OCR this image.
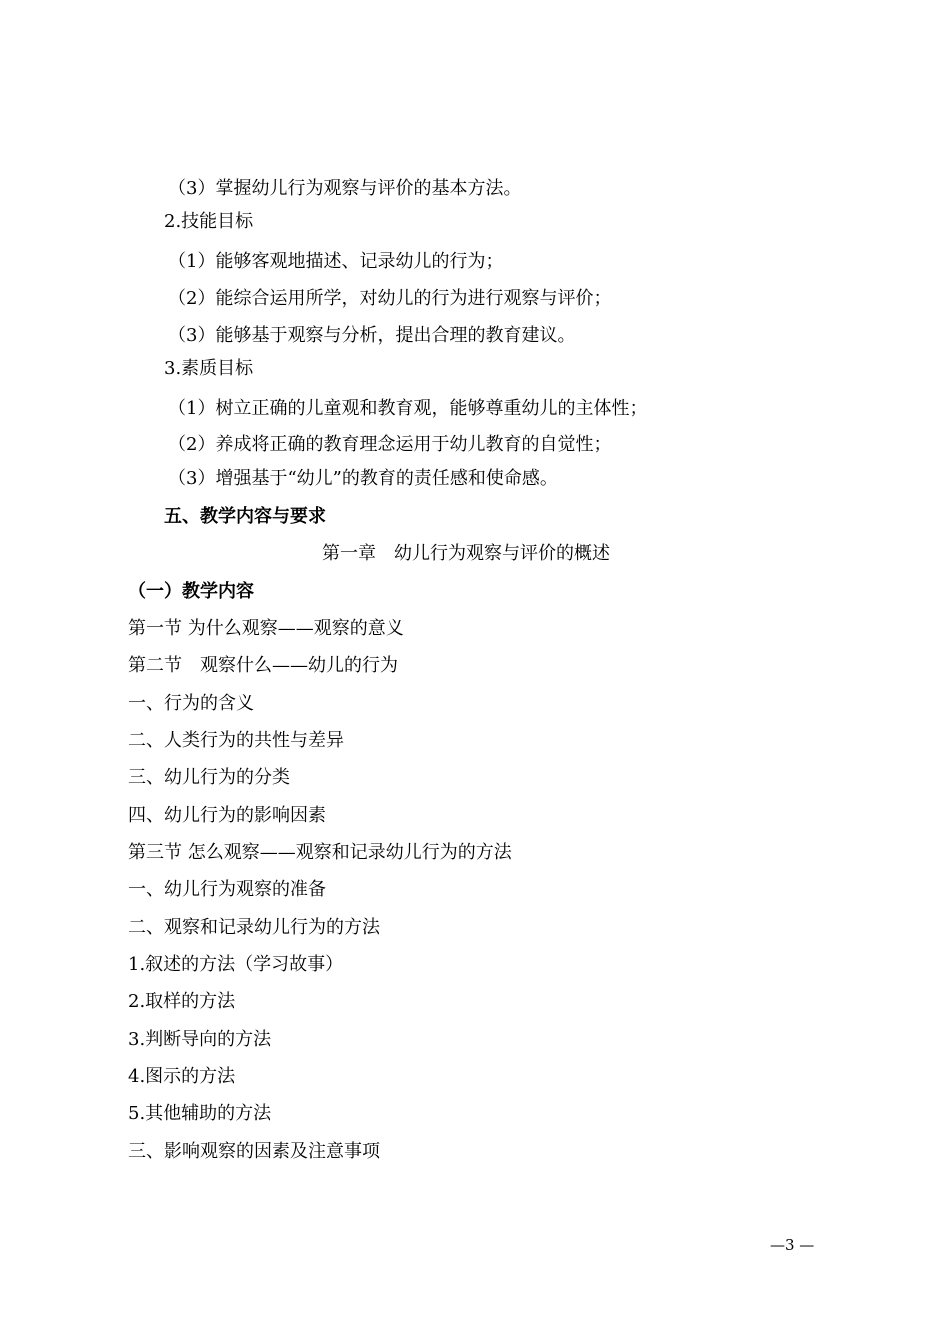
（3）掌握幼儿行为观察与评价的基本方法。
2.技能目标
（1）能够客观地描述、记录幼儿的行为；
（2）能综合运用所学，对幼儿的行为进行观察与评价；
（3）能够基于观察与分析，提出合理的教育建议。
3.素质目标
（1）树立正确的儿童观和教育观，能够尊重幼儿的主体性；
（2）养成将正确的教育理念运用于幼儿教育的自觉性；
（3）增强基于“幼儿”的教育的责任感和使命感。
五、教学内容与要求
第一章　幼儿行为观察与评价的概述
（一）教学内容
第一节 为什么观察——观察的意义
第二节　观察什么——幼儿的行为
一、行为的含义
二、人类行为的共性与差异
三、幼儿行为的分类
四、幼儿行为的影响因素
第三节 怎么观察——观察和记录幼儿行为的方法
一、幼儿行为观察的准备
二、观察和记录幼儿行为的方法
1.叙述的方法（学习故事）
2.取样的方法
3.判断导向的方法
4.图示的方法
5.其他辅助的方法
三、影响观察的因素及注意事项
—3 —
